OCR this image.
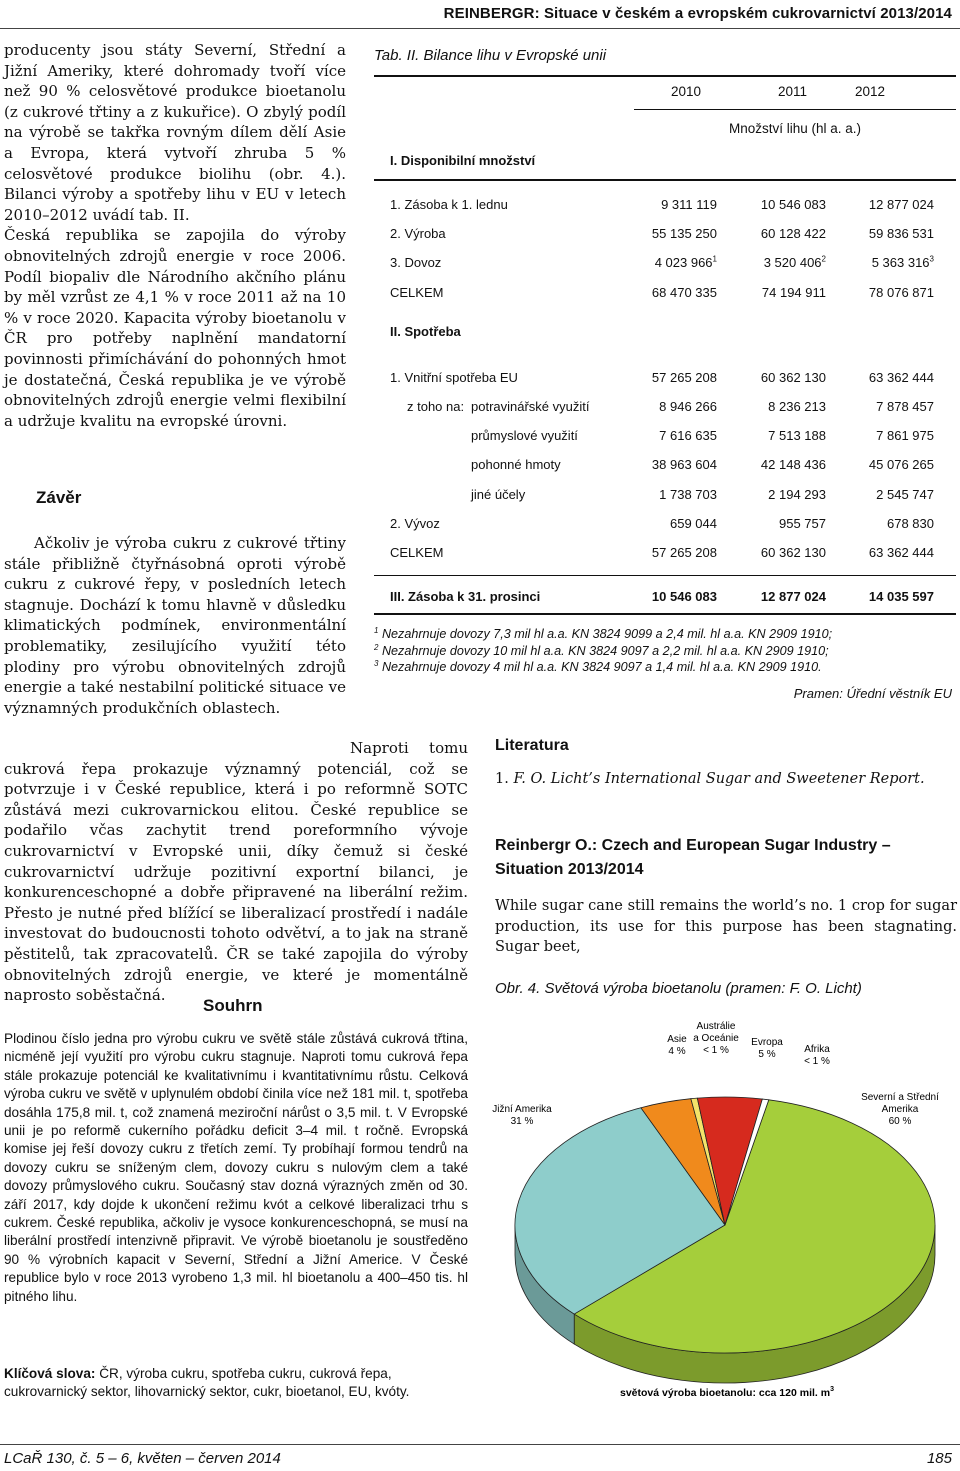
REINBERGR: Situace v českém a evropském cukrovarnictví 2013/2014

producenty jsou státy Severní, Střední a Jižní Ameriky, které dohromady tvoří více než 90 % celosvětové produkce bioetanolu (z cukrové třtiny a z kukuřice). O zbylý podíl na výrobě se takřka rovným dílem dělí Asie a Evropa, která vytvoří zhruba 5 % celosvětové produkce biolihu (obr. 4.). Bilanci výroby a spotřeby lihu v EU v letech 2010–2012 uvádí tab. II.

Česká republika se zapojila do výroby obnovitelných zdrojů energie v roce 2006. Podíl biopaliv dle Národního akčního plánu by měl vzrůst ze 4,1 % v roce 2011 až na 10 % v roce 2020. Kapacita výroby bioetanolu v ČR pro potřeby naplnění mandatorní povinnosti přimíchávání do pohonných hmot je dostatečná, Česká republika je ve výrobě obnovitelných zdrojů energie velmi flexibilní a udržuje kvalitu na evropské úrovni.

Závěr

Ačkoliv je výroba cukru z cukrové třtiny stále přibližně čtyřnásobná oproti výrobě cukru z cukrové řepy, v posledních letech stagnuje. Dochází k tomu hlavně v důsledku klimatických podmínek, environmentální problematiky, zesilujícího využití této plodiny pro výrobu obnovitelných zdrojů energie a také nestabilní politické situace ve významných produkčních oblastech.

Naproti tomu cukrová řepa prokazuje významný potenciál, což se potvrzuje i v České republice, která i po reformně SOTC zůstává mezi cukrovarnickou elitou. České republice se podařilo včas zachytit trend poreformního vývoje cukrovarnictví v Evropské unii, díky čemuž si české cukrovarnictví udržuje pozitivní exportní bilanci, je konkurenceschopné a dobře připravené na liberální režim. Přesto je nutné před blížící se liberalizací prostředí i nadále investovat do budoucnosti tohoto odvětví, a to jak na straně pěstitelů, tak zpracovatelů. ČR se také zapojila do výroby obnovitelných zdrojů energie, ve které je momentálně naprosto soběstačná.

Souhrn
Plodinou číslo jedna pro výrobu cukru ve světě stále zůstává cukrová třtina, nicméně její využití pro výrobu cukru stagnuje. Naproti tomu cukrová řepa stále prokazuje potenciál ke kvalitativnímu i kvantitativnímu růstu. Celková výroba cukru ve světě v uplynulém období činila více než 181 mil. t, spotřeba dosáhla 175,8 mil. t, což znamená meziroční nárůst o 3,5 mil. t. V Evropské unii je po reformě cukerního pořádku deficit 3–4 mil. t ročně. Evropská komise jej řeší dovozy cukru z třetích zemí. Ty probíhají formou tendrů na dovozy cukru se sníženým clem, dovozy cukru s nulovým clem a také dovozy průmyslového cukru. Současný stav dozná výrazných změn od 30. září 2017, kdy dojde k ukončení režimu kvót a celkové liberalizaci trhu s cukrem. České republika, ačkoliv je vysoce konkurenceschopná, se musí na liberální prostředí intenzivně připravit. Ve výrobě bioetanolu je soustředěno 90 % výrobních kapacit v Severní, Střední a Jižní Americe. V České republice bylo v roce 2013 vyrobeno 1,3 mil. hl bioetanolu a 400–450 tis. hl pitného lihu.
Klíčová slova: ČR, výroba cukru, spotřeba cukru, cukrová řepa, cukrovarnický sektor, lihovarnický sektor, cukr, bioetanol, EU, kvóty.
Tab. II. Bilance lihu v Evropské unii
2010	2011	2012
Množství lihu (hl a. a.)
I. Disponibilní množství
1. Zásoba k 1. lednu	9 311 119	10 546 083	12 877 024
2. Výroba	55 135 250	60 128 422	59 836 531
3. Dovoz	4 023 $966^1$	3 520 $406^2$	5 363 $316^3$
CELKEM	68 470 335	74 194 911	78 076 871
II. Spotřeba
1. Vnitřní spotřeba EU	57 265 208	60 362 130	63 362 444
z toho na: potravinářské využití	8 946 266	8 236 213	7 878 457
průmyslové využití	7 616 635	7 513 188	7 861 975
pohonné hmoty	38 963 604	42 148 436	45 076 265
jiné účely	1 738 703	2 194 293	2 545 747
2. Vývoz	659 044	955 757	678 830
CELKEM	57 265 208	60 362 130	63 362 444
III. Zásoba k 31. prosinci	10 546 083	12 877 024	14 035 597
$^1$ Nezahrnuje dovozy 7,3 mil hl a.a. KN 3824 9099 a 2,4 mil. hl a.a. KN 2909 1910;
$^2$ Nezahrnuje dovozy 10 mil hl a.a. KN 3824 9097 a 2,2 mil. hl a.a. KN 2909 1910;
$^3$ Nezahrnuje dovozy 4 mil hl a.a. KN 3824 9097 a 1,4 mil. hl a.a. KN 2909 1910.
Pramen: Úřední věstník EU
Literatura
1. F. O. Licht’s International Sugar and Sweetener Report.
Reinbergr O.: Czech and European Sugar Industry – Situation 2013/2014
While sugar cane still remains the world’s no. 1 crop for sugar production, its use for this purpose has been stagnating. Sugar beet,
Obr. 4. Světová výroba bioetanolu (pramen: F. O. Licht)
Severní a Střední Amerika 60 %
Jižní Amerika 31 %
Asie 4 %
Austrálie a Oceánie < 1 %
Evropa 5 %	Afrika < 1 %
světová výroba bioetanolu: cca 120 mil. $m^3$
LCaŘ 130, č. 5 – 6, květen – červen 2014	185
